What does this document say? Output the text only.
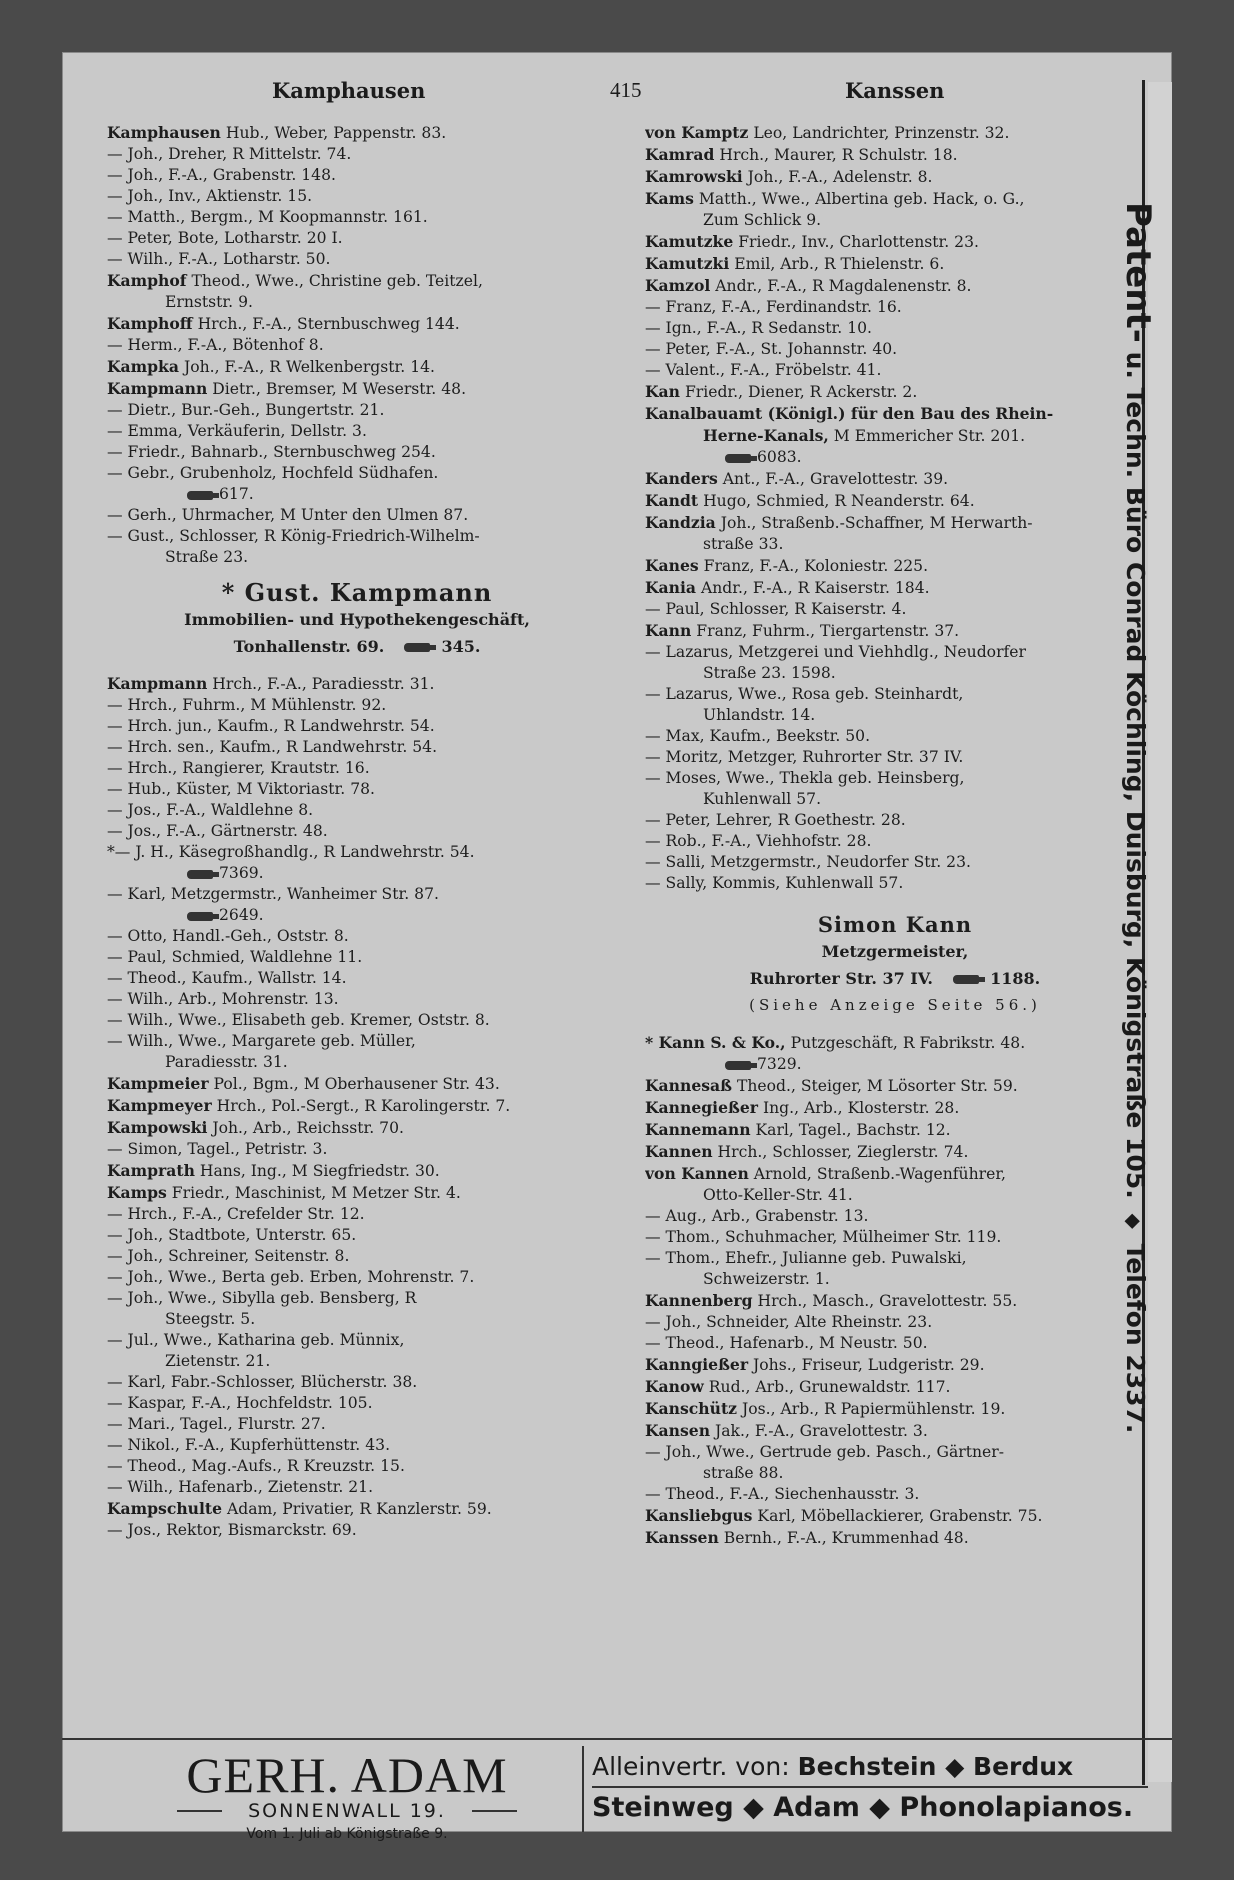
Kamphausen	415	Kanssen
Kamphausen Hub., Weber, Pappenstr. 83.
— Joh., Dreher, R Mittelstr. 74.
— Joh., F.-A., Grabenstr. 148.
— Joh., Inv., Aktienstr. 15.
— Matth., Bergm., M Koopmannstr. 161.
— Peter, Bote, Lotharstr. 20 I.
— Wilh., F.-A., Lotharstr. 50.
Kamphof Theod., Wwe., Christine geb. Teitzel,
Ernststr. 9.
Kamphoff Hrch., F.-A., Sternbuschweg 144.
— Herm., F.-A., Bötenhof 8.
Kampka Joh., F.-A., R Welkenbergstr. 14.
Kampmann Dietr., Bremser, M Weserstr. 48.
— Dietr., Bur.-Geh., Bungertstr. 21.
— Emma, Verkäuferin, Dellstr. 3.
— Friedr., Bahnarb., Sternbuschweg 254.
— Gebr., Grubenholz, Hochfeld Südhafen.
617.
— Gerh., Uhrmacher, M Unter den Ulmen 87.
— Gust., Schlosser, R König-Friedrich-Wilhelm-
Straße 23.
* Gust. Kampmann
Immobilien- und Hypothekengeschäft,
Tonhallenstr. 69.	345.
Kampmann Hrch., F.-A., Paradiesstr. 31.
— Hrch., Fuhrm., M Mühlenstr. 92.
— Hrch. jun., Kaufm., R Landwehrstr. 54.
— Hrch. sen., Kaufm., R Landwehrstr. 54.
— Hrch., Rangierer, Krautstr. 16.
— Hub., Küster, M Viktoriastr. 78.
— Jos., F.-A., Waldlehne 8.
— Jos., F.-A., Gärtnerstr. 48.
*— J. H., Käsegroßhandlg., R Landwehrstr. 54.
7369.
— Karl, Metzgermstr., Wanheimer Str. 87.
2649.
— Otto, Handl.-Geh., Oststr. 8.
— Paul, Schmied, Waldlehne 11.
— Theod., Kaufm., Wallstr. 14.
— Wilh., Arb., Mohrenstr. 13.
— Wilh., Wwe., Elisabeth geb. Kremer, Oststr. 8.
— Wilh., Wwe., Margarete geb. Müller,
Paradiesstr. 31.
Kampmeier Pol., Bgm., M Oberhausener Str. 43.
Kampmeyer Hrch., Pol.-Sergt., R Karolingerstr. 7.
Kampowski Joh., Arb., Reichsstr. 70.
— Simon, Tagel., Petristr. 3.
Kamprath Hans, Ing., M Siegfriedstr. 30.
Kamps Friedr., Maschinist, M Metzer Str. 4.
— Hrch., F.-A., Crefelder Str. 12.
— Joh., Stadtbote, Unterstr. 65.
— Joh., Schreiner, Seitenstr. 8.
— Joh., Wwe., Berta geb. Erben, Mohrenstr. 7.
— Joh., Wwe., Sibylla geb. Bensberg, R
Steegstr. 5.
— Jul., Wwe., Katharina geb. Münnix,
Zietenstr. 21.
— Karl, Fabr.-Schlosser, Blücherstr. 38.
— Kaspar, F.-A., Hochfeldstr. 105.
— Mari., Tagel., Flurstr. 27.
— Nikol., F.-A., Kupferhüttenstr. 43.
— Theod., Mag.-Aufs., R Kreuzstr. 15.
— Wilh., Hafenarb., Zietenstr. 21.
Kampschulte Adam, Privatier, R Kanzlerstr. 59.
— Jos., Rektor, Bismarckstr. 69.
von Kamptz Leo, Landrichter, Prinzenstr. 32.
Kamrad Hrch., Maurer, R Schulstr. 18.
Kamrowski Joh., F.-A., Adelenstr. 8.
Kams Matth., Wwe., Albertina geb. Hack, o. G.,
Zum Schlick 9.
Kamutzke Friedr., Inv., Charlottenstr. 23.
Kamutzki Emil, Arb., R Thielenstr. 6.
Kamzol Andr., F.-A., R Magdalenenstr. 8.
— Franz, F.-A., Ferdinandstr. 16.
— Ign., F.-A., R Sedanstr. 10.
— Peter, F.-A., St. Johannstr. 40.
— Valent., F.-A., Fröbelstr. 41.
Kan Friedr., Diener, R Ackerstr. 2.
Kanalbauamt (Königl.) für den Bau des Rhein-
Herne-Kanals, M Emmericher Str. 201.
6083.
Kanders Ant., F.-A., Gravelottestr. 39.
Kandt Hugo, Schmied, R Neanderstr. 64.
Kandzia Joh., Straßenb.-Schaffner, M Herwarth-
straße 33.
Kanes Franz, F.-A., Koloniestr. 225.
Kania Andr., F.-A., R Kaiserstr. 184.
— Paul, Schlosser, R Kaiserstr. 4.
Kann Franz, Fuhrm., Tiergartenstr. 37.
— Lazarus, Metzgerei und Viehhdlg., Neudorfer
Straße 23. 1598.
— Lazarus, Wwe., Rosa geb. Steinhardt,
Uhlandstr. 14.
— Max, Kaufm., Beekstr. 50.
— Moritz, Metzger, Ruhrorter Str. 37 IV.
— Moses, Wwe., Thekla geb. Heinsberg,
Kuhlenwall 57.
— Peter, Lehrer, R Goethestr. 28.
— Rob., F.-A., Viehhofstr. 28.
— Salli, Metzgermstr., Neudorfer Str. 23.
— Sally, Kommis, Kuhlenwall 57.
Simon Kann
Metzgermeister,
Ruhrorter Str. 37 IV.	1188.
(Siehe Anzeige Seite 56.)
* Kann S. & Ko., Putzgeschäft, R Fabrikstr. 48.
7329.
Kannesaß Theod., Steiger, M Lösorter Str. 59.
Kannegießer Ing., Arb., Klosterstr. 28.
Kannemann Karl, Tagel., Bachstr. 12.
Kannen Hrch., Schlosser, Zieglerstr. 74.
von Kannen Arnold, Straßenb.-Wagenführer,
Otto-Keller-Str. 41.
— Aug., Arb., Grabenstr. 13.
— Thom., Schuhmacher, Mülheimer Str. 119.
— Thom., Ehefr., Julianne geb. Puwalski,
Schweizerstr. 1.
Kannenberg Hrch., Masch., Gravelottestr. 55.
— Joh., Schneider, Alte Rheinstr. 23.
— Theod., Hafenarb., M Neustr. 50.
Kanngießer Johs., Friseur, Ludgeristr. 29.
Kanow Rud., Arb., Grunewaldstr. 117.
Kanschütz Jos., Arb., R Papiermühlenstr. 19.
Kansen Jak., F.-A., Gravelottestr. 3.
— Joh., Wwe., Gertrude geb. Pasch., Gärtner-
straße 88.
— Theod., F.-A., Siechenhausstr. 3.
Kansliebgus Karl, Möbellackierer, Grabenstr. 75.
Kanssen Bernh., F.-A., Krummenhad 48.
Patent- u. Techn. Büro Conrad Köchling, Duisburg, Königstraße 105. ◆ Telefon 2337.
GERH. ADAM
SONNENWALL 19.
Vom 1. Juli ab Königstraße 9.
Alleinvertr. von: Bechstein ◆ Berdux
Steinweg ◆ Adam ◆ Phonolapianos.
